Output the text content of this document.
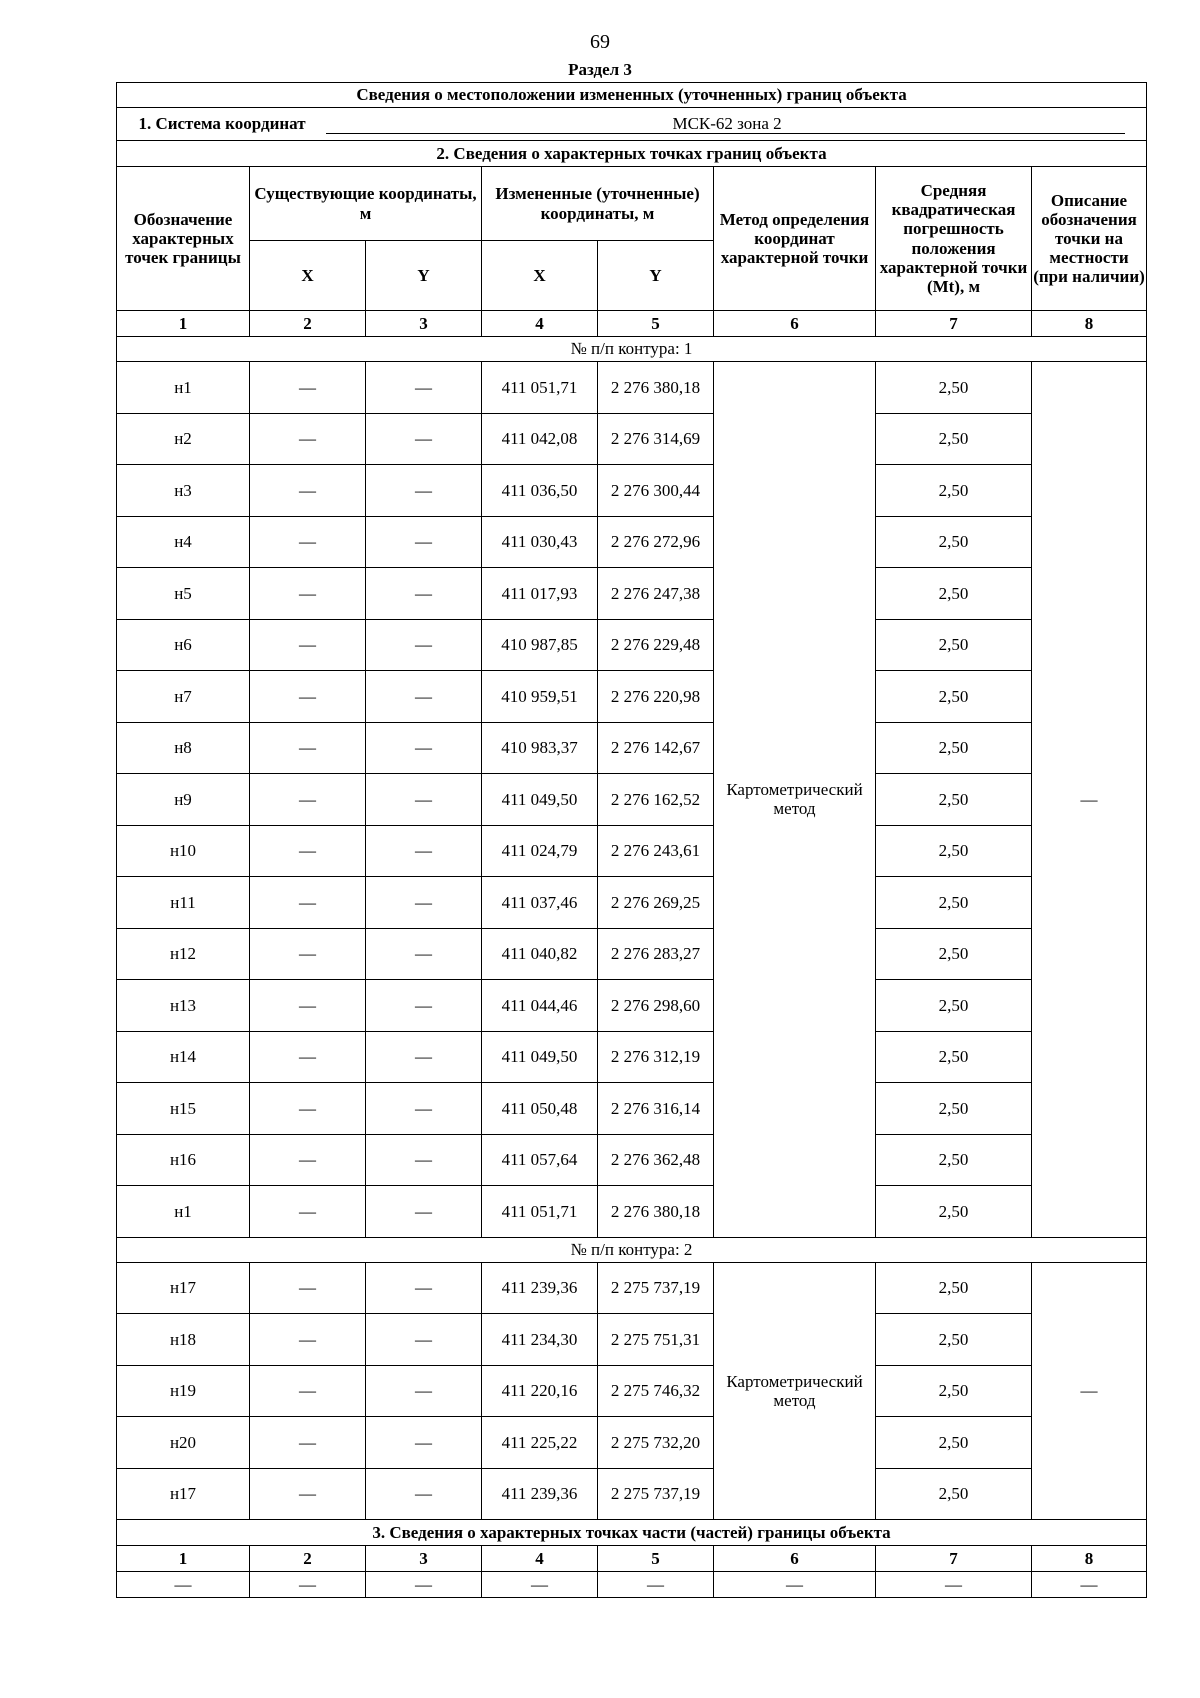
69
Раздел 3
Сведения о местоположении измененных (уточненных) границ объекта							
1. Система координат МСК-62 зона 2							
2. Сведения о характерных точках границ объекта							
Обозначение характерных точек границы	Существующие координаты, м		Измененные (уточненные) координаты, м		Метод определения координат характерной точки	Средняя квадратическая погрешность положения характерной точки (Mt), м	Описание обозначения точки на местности (при наличии)
	X	Y	X	Y			
1	2	3	4	5	6	7	8
№ п/п контура: 1							
н1	—	—	411 051,71	2 276 380,18	Картометрический метод	2,50	—
н2	—	—	411 042,08	2 276 314,69		2,50	
н3	—	—	411 036,50	2 276 300,44		2,50	
н4	—	—	411 030,43	2 276 272,96		2,50	
н5	—	—	411 017,93	2 276 247,38		2,50	
н6	—	—	410 987,85	2 276 229,48		2,50	
н7	—	—	410 959,51	2 276 220,98		2,50	
н8	—	—	410 983,37	2 276 142,67		2,50	
н9	—	—	411 049,50	2 276 162,52		2,50	
н10	—	—	411 024,79	2 276 243,61		2,50	
н11	—	—	411 037,46	2 276 269,25		2,50	
н12	—	—	411 040,82	2 276 283,27		2,50	
н13	—	—	411 044,46	2 276 298,60		2,50	
н14	—	—	411 049,50	2 276 312,19		2,50	
н15	—	—	411 050,48	2 276 316,14		2,50	
н16	—	—	411 057,64	2 276 362,48		2,50	
н1	—	—	411 051,71	2 276 380,18		2,50	
№ п/п контура: 2							
н17	—	—	411 239,36	2 275 737,19	Картометрический метод	2,50	—
н18	—	—	411 234,30	2 275 751,31		2,50	
н19	—	—	411 220,16	2 275 746,32		2,50	
н20	—	—	411 225,22	2 275 732,20		2,50	
н17	—	—	411 239,36	2 275 737,19		2,50	
3. Сведения о характерных точках части (частей) границы объекта							
1	2	3	4	5	6	7	8
—	—	—	—	—	—	—	—
